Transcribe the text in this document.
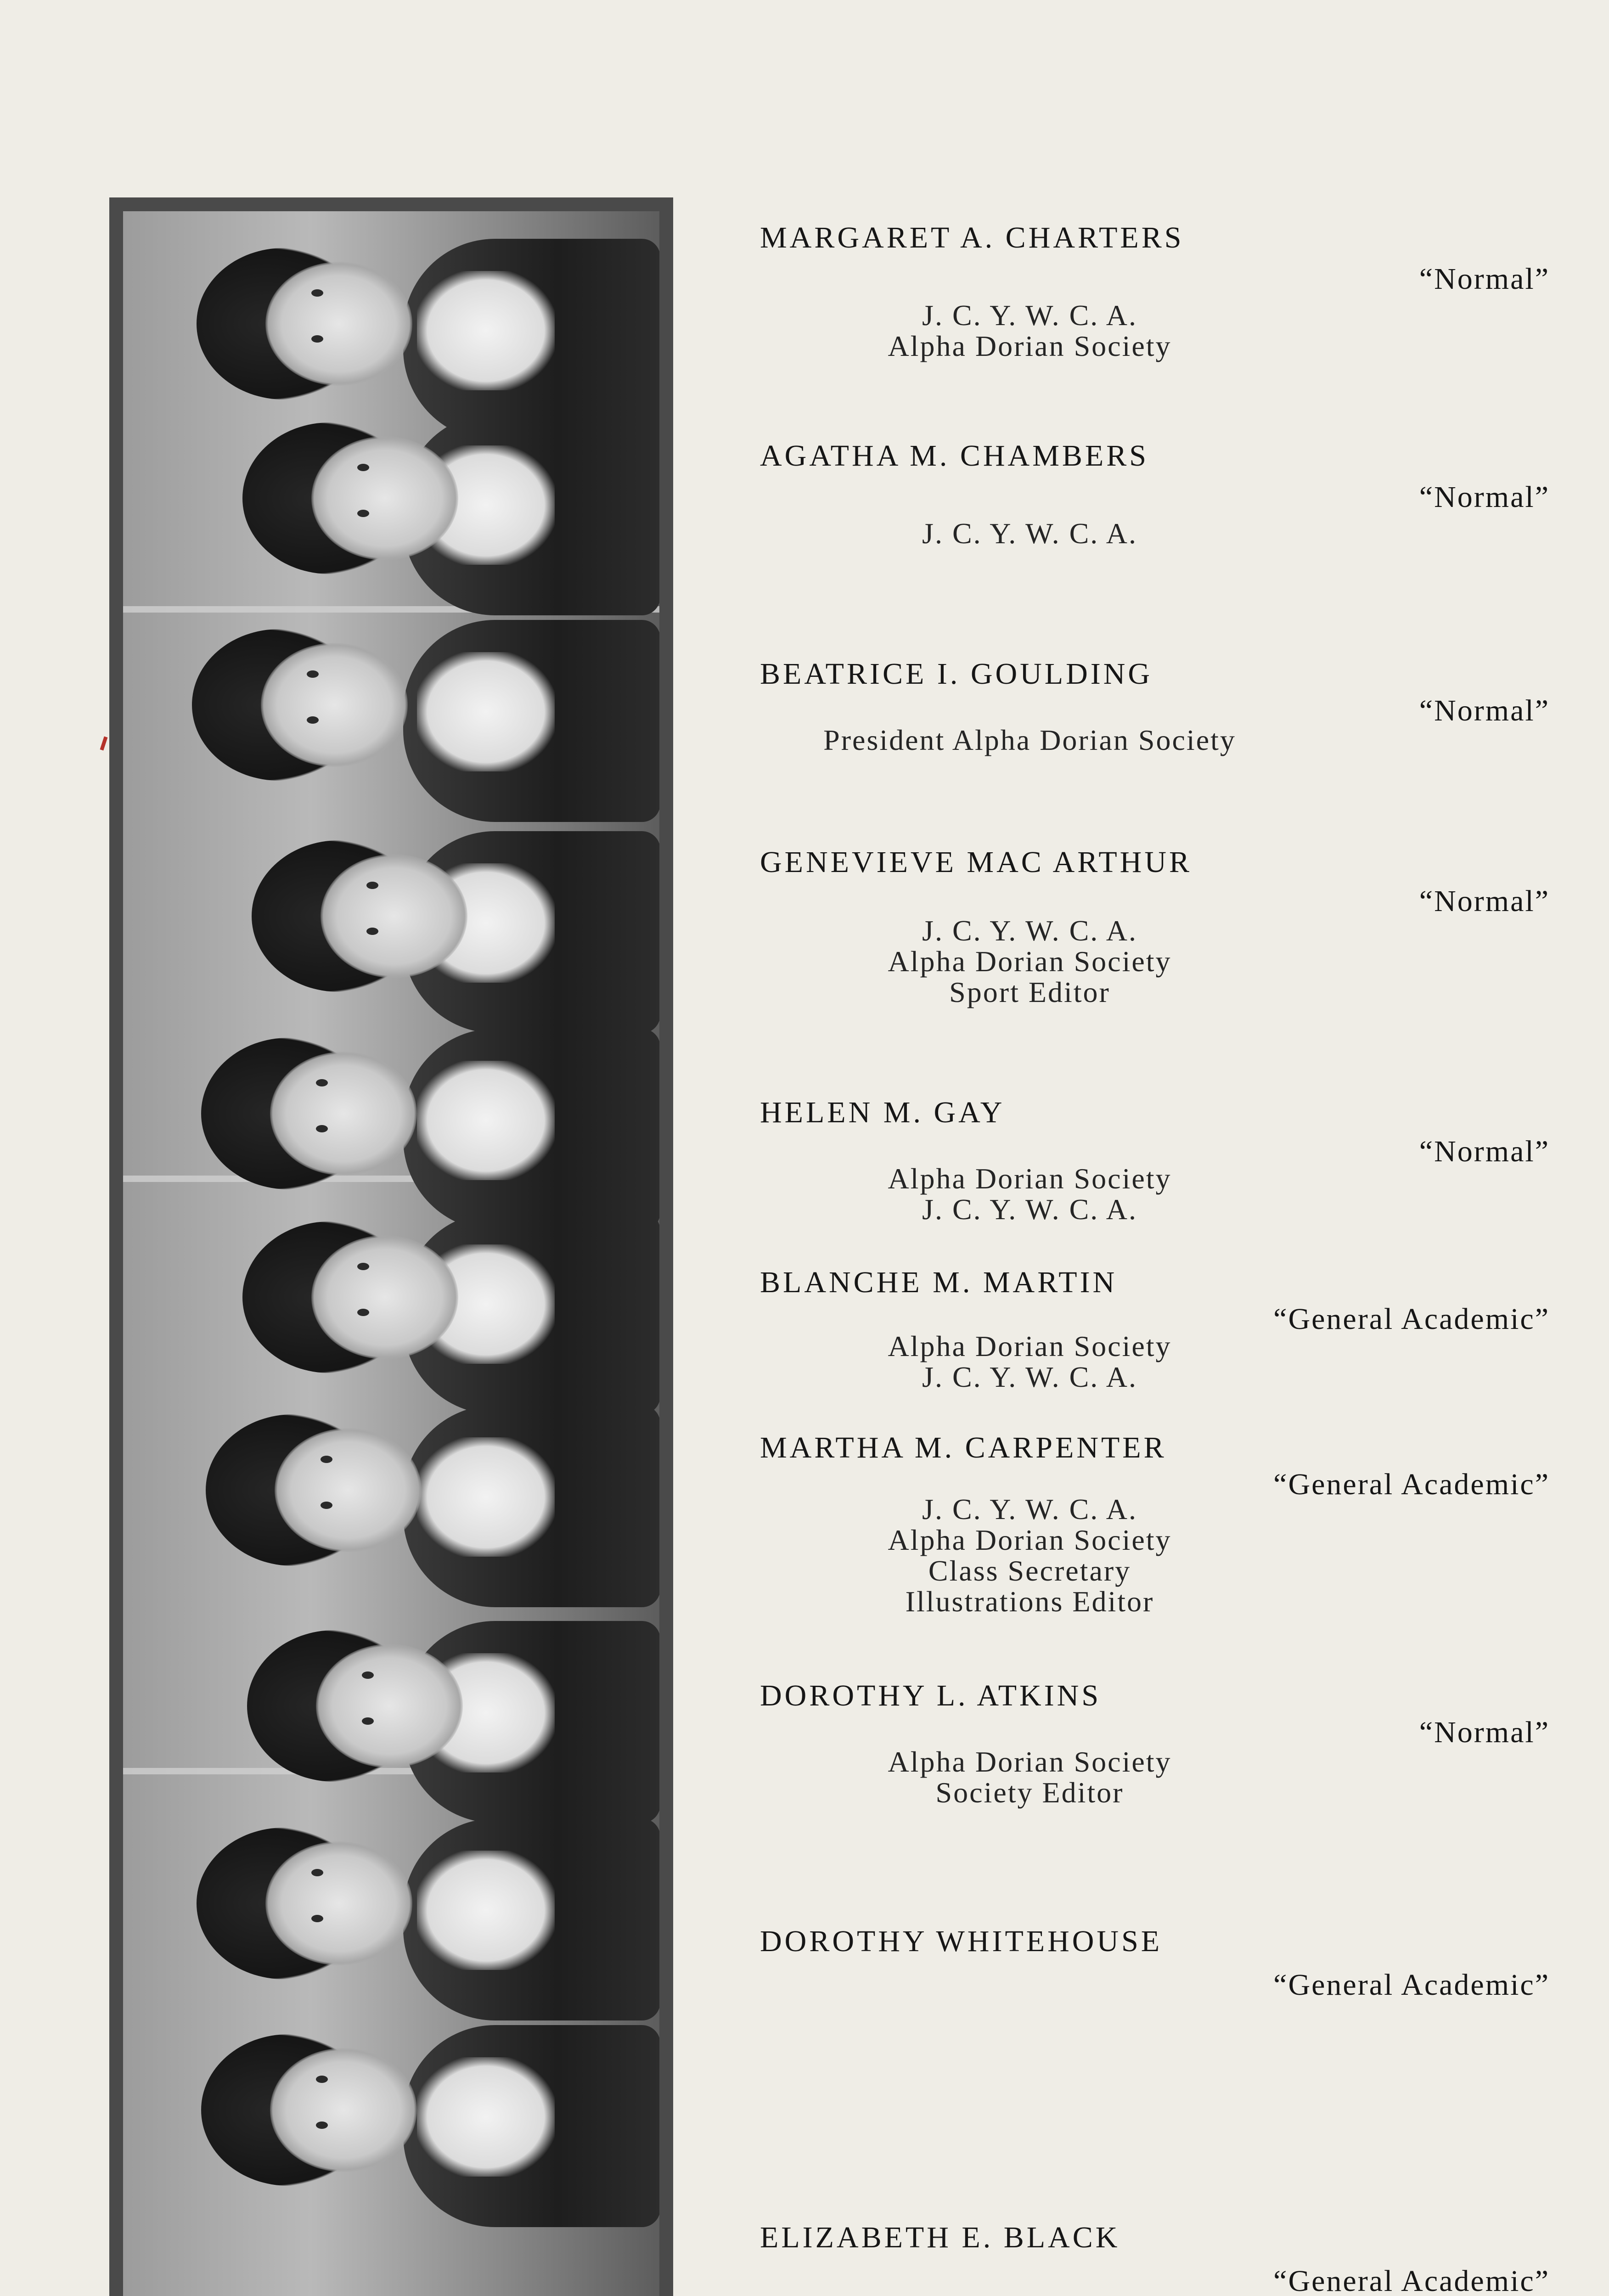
MARGARET A. CHARTERS
“Normal”
J. C. Y. W. C. A.
Alpha Dorian Society
AGATHA M. CHAMBERS
“Normal”
J. C. Y. W. C. A.
BEATRICE I. GOULDING
“Normal”
President Alpha Dorian Society
GENEVIEVE MAC ARTHUR
“Normal”
J. C. Y. W. C. A.
Alpha Dorian Society
Sport Editor
HELEN M. GAY
“Normal”
Alpha Dorian Society
J. C. Y. W. C. A.
BLANCHE M. MARTIN
“General Academic”
Alpha Dorian Society
J. C. Y. W. C. A.
MARTHA M. CARPENTER
“General Academic”
J. C. Y. W. C. A.
Alpha Dorian Society
Class Secretary
Illustrations Editor
DOROTHY L. ATKINS
“Normal”
Alpha Dorian Society
Society Editor
DOROTHY WHITEHOUSE
“General Academic”
ELIZABETH E. BLACK
“General Academic”
